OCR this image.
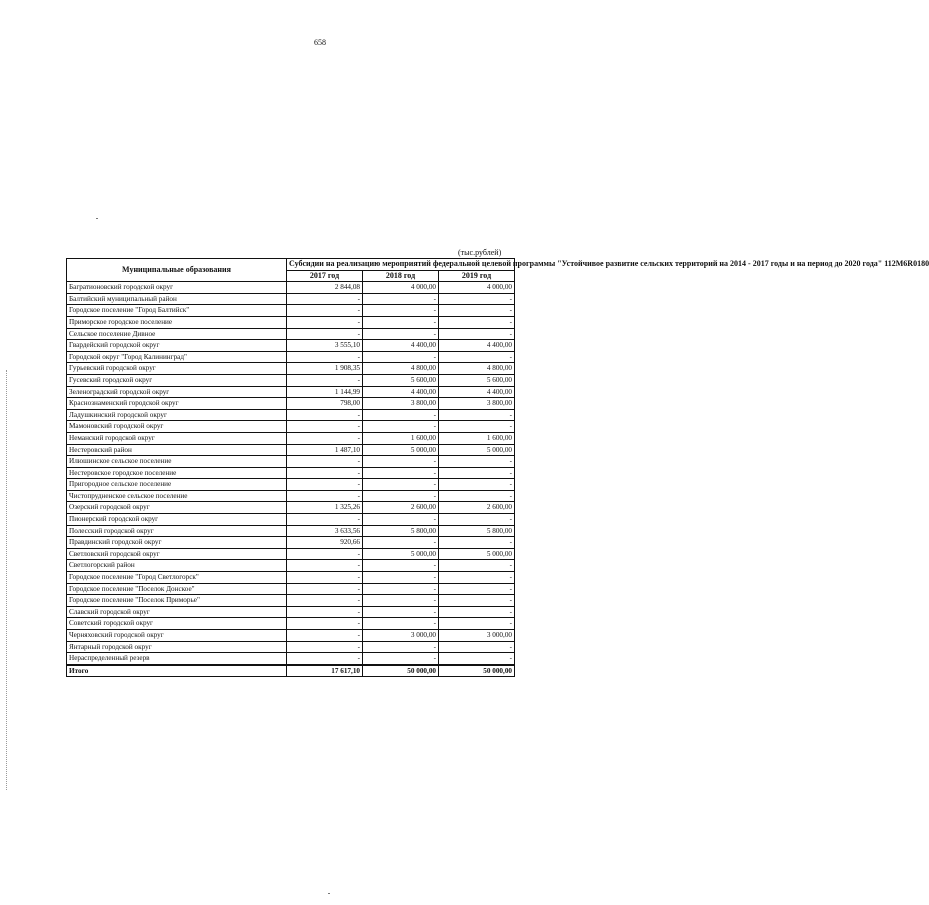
658
(тыс.рублей)
Муниципальные образования	Субсидии на реализацию мероприятий федеральной целевой программы "Устойчивое развитие сельских территорий на 2014 - 2017 годы и на период до 2020 года" 112М6R0180		
	2017 год	2018 год	2019 год
Багратионовский городской округ	2 844,08	4 000,00	4 000,00
Балтийский муниципальный район	-	-	-
Городское поселение "Город Балтийск"	-	-	-
Приморское городское поселение	-	-	-
Сельское поселение Дивное	-	-	-
Гвардейский городской округ	3 555,10	4 400,00	4 400,00
Городской округ "Город Калининград"	-	-	-
Гурьевский городской округ	1 908,35	4 800,00	4 800,00
Гусевский городской округ	-	5 600,00	5 600,00
Зеленоградский городской округ	1 144,99	4 400,00	4 400,00
Краснознаменский городской округ	798,00	3 800,00	3 800,00
Ладушкинский городской округ	-	-	-
Мамоновский городской округ	-	-	-
Неманский городской округ	-	1 600,00	1 600,00
Нестеровский район	1 487,10	5 000,00	5 000,00
Илюшинское сельское поселение	-	-	-
Нестеровское городское поселение	-	-	-
Пригородное сельское поселение	-	-	-
Чистопрудненское сельское поселение	-	-	-
Озерский городской округ	1 325,26	2 600,00	2 600,00
Пионерский городской округ	-	-	-
Полесский городской округ	3 633,56	5 800,00	5 800,00
Правдинский городской округ	920,66	-	-
Светловский городской округ	-	5 000,00	5 000,00
Светлогорский район	-	-	-
Городское поселение "Город Светлогорск"	-	-	-
Городское поселение "Поселок Донское"	-	-	-
Городское поселение "Поселок Приморье"	-	-	-
Славский городской округ	-	-	-
Советский городской округ	-	-	-
Черняховский городской округ	-	3 000,00	3 000,00
Янтарный городской округ	-	-	-
Нераспределенный резерв	-	-	-
Итого	17 617,10	50 000,00	50 000,00
